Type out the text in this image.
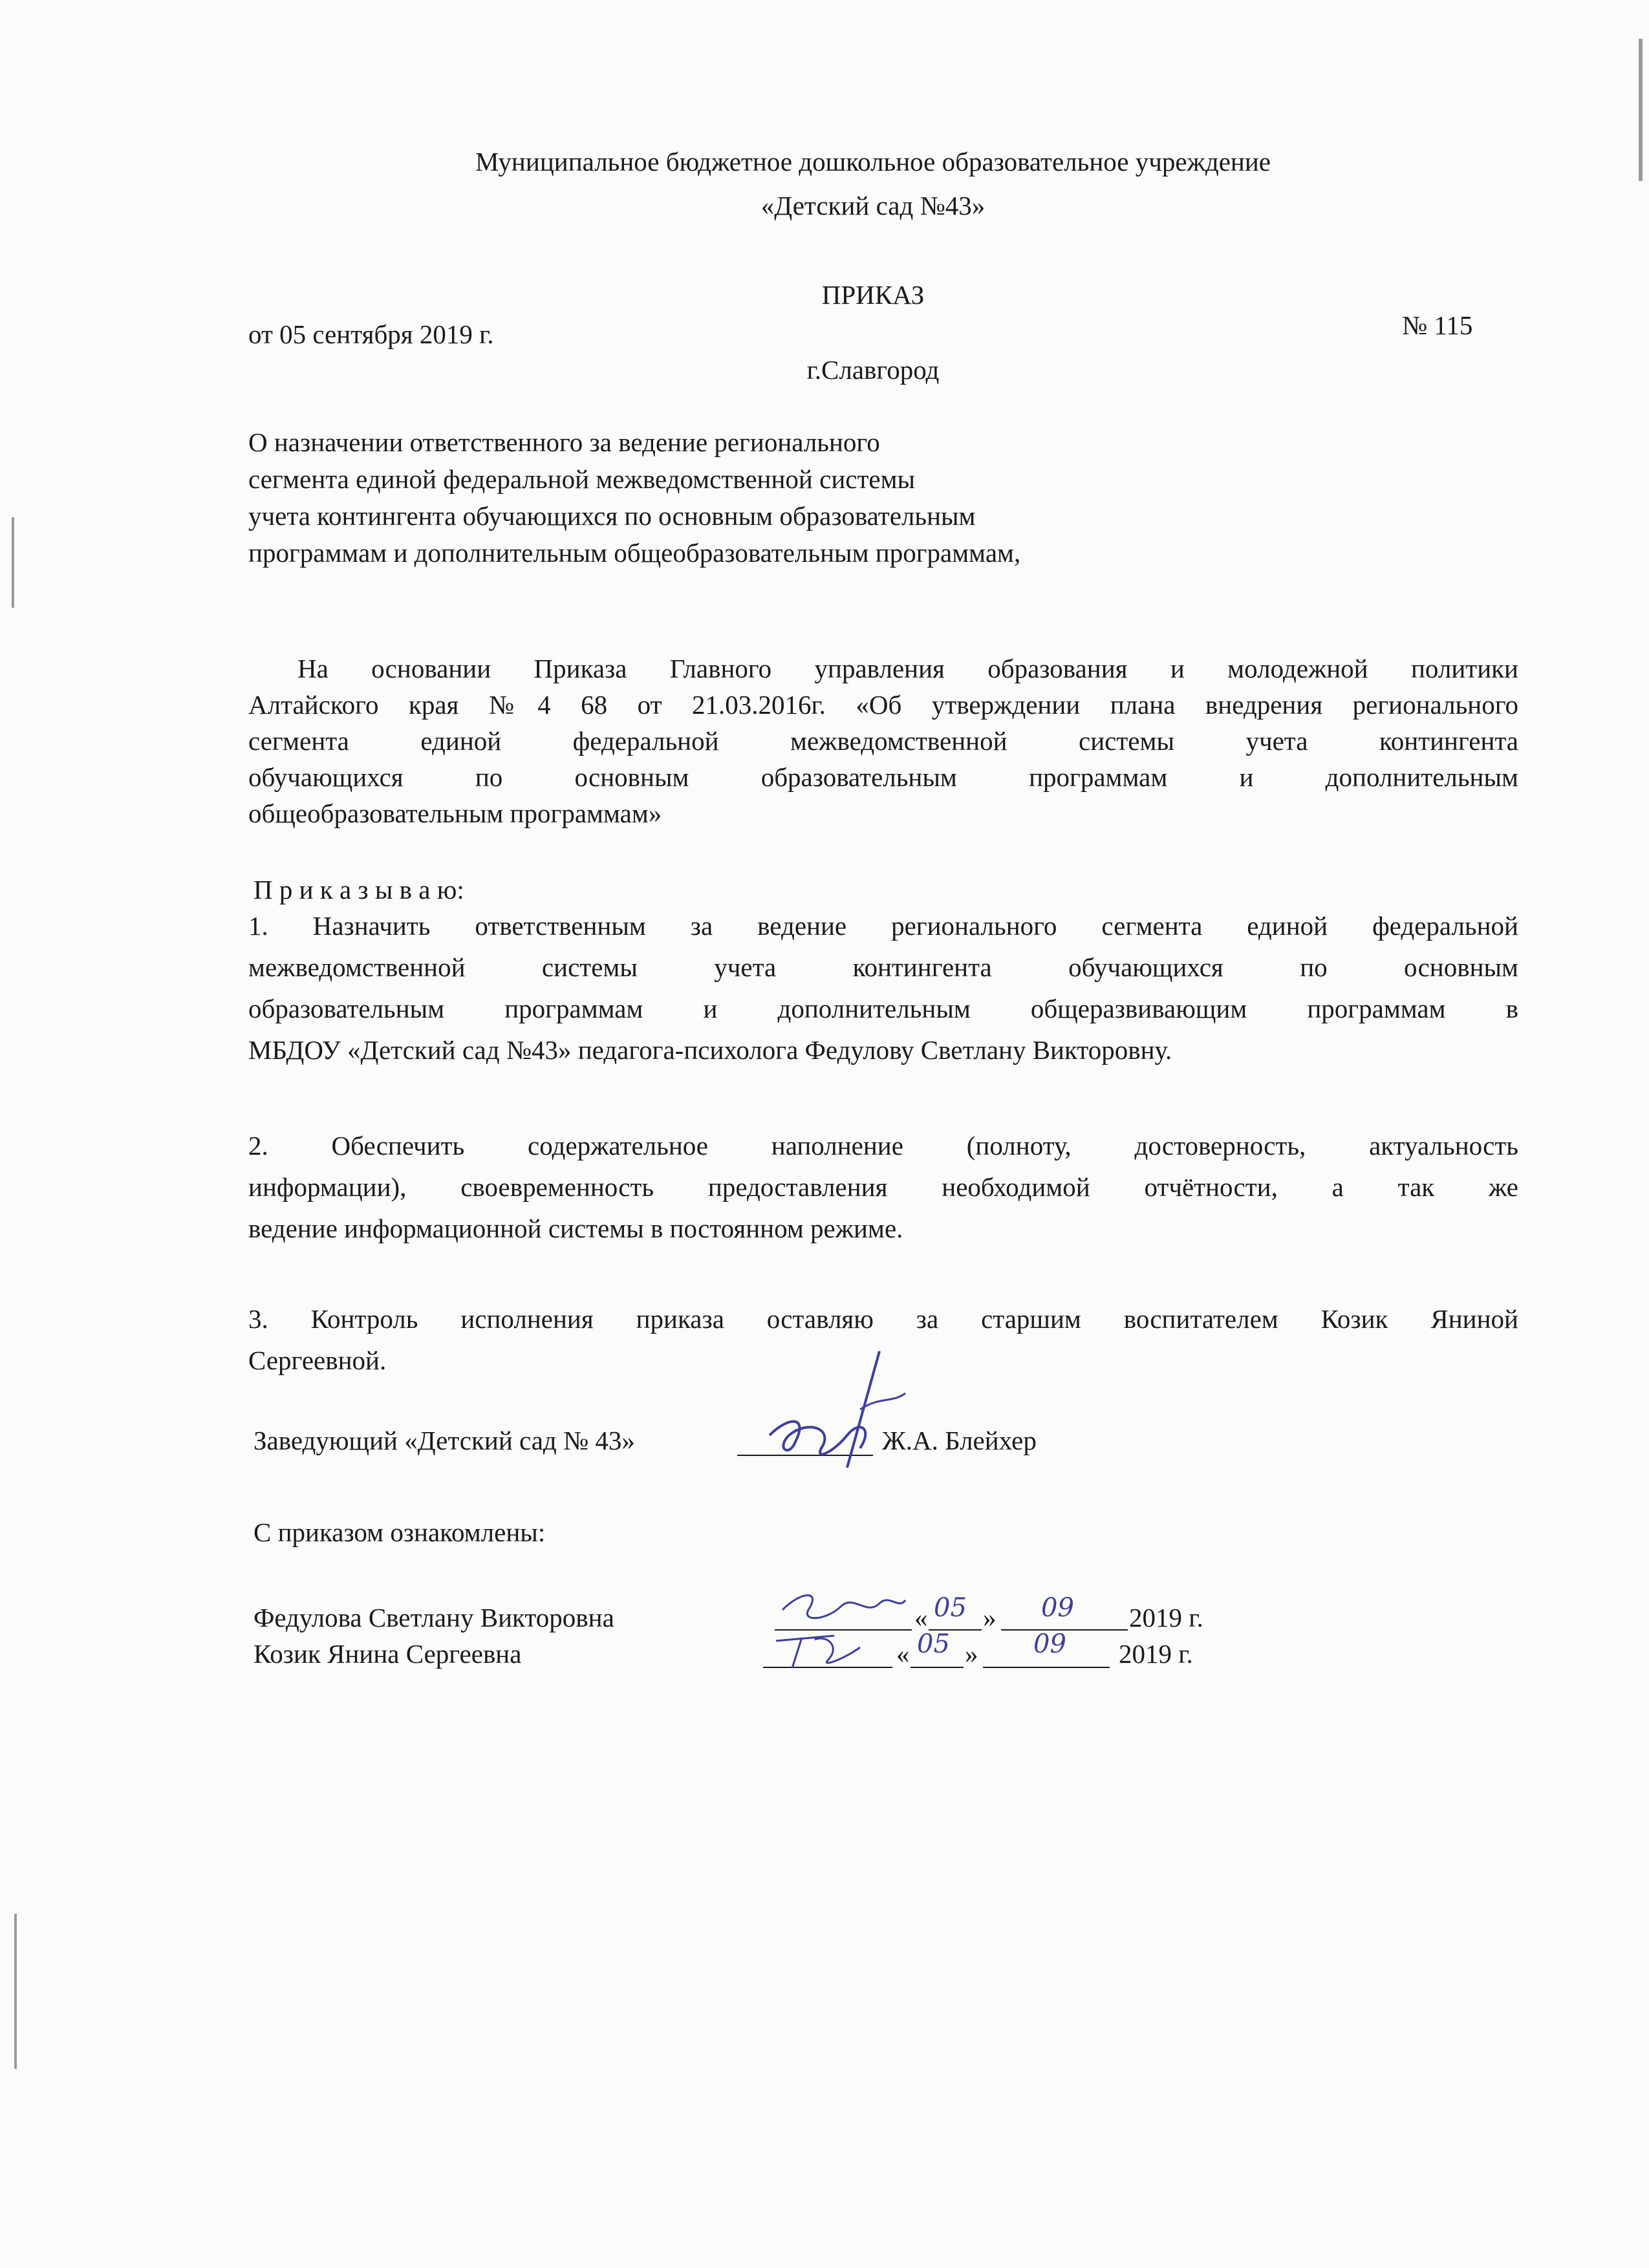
Муниципальное бюджетное дошкольное образовательное учреждение

«Детский сад №43»

ПРИКАЗ

от 05 сентября 2019 г.	№ 115

г.Славгород

О назначении ответственного за ведение регионального

сегмента единой федеральной межведомственной системы

учета контингента обучающихся по основным образовательным

программам и дополнительным общеобразовательным программам,

На основании Приказа Главного управления образования и молодежной политики
Алтайского края №4 68 от 21.03.2016г. «Об утверждении плана внедрения регионального
сегмента единой федеральной межведомственной системы учета контингента
обучающихся по основным образовательным программам и дополнительным
общеобразовательным программам»

П р и к а з ы в а ю:

1. Назначить ответственным за ведение регионального сегмента единой федеральной
межведомственной системы учета контингента обучающихся по основным
образовательным программам и дополнительным общеразвивающим программам в
МБДОУ «Детский сад №43» педагога-психолога Федулову Светлану Викторовну.
2. Обеспечить содержательное наполнение (полноту, достоверность, актуальность
информации), своевременность предоставления необходимой отчётности, а так же
ведение информационной системы в постоянном режиме.
3. Контроль исполнения приказа оставляю за старшим воспитателем Козик Яниной
Сергеевной.

Заведующий «Детский сад № 43»	Ж.А. Блейхер

С приказом ознакомлены:

Федулова Светлану Викторовна	« 05 » 09 2019 г.

Козик Янина Сергеевна	« 05 » 09 2019 г.
